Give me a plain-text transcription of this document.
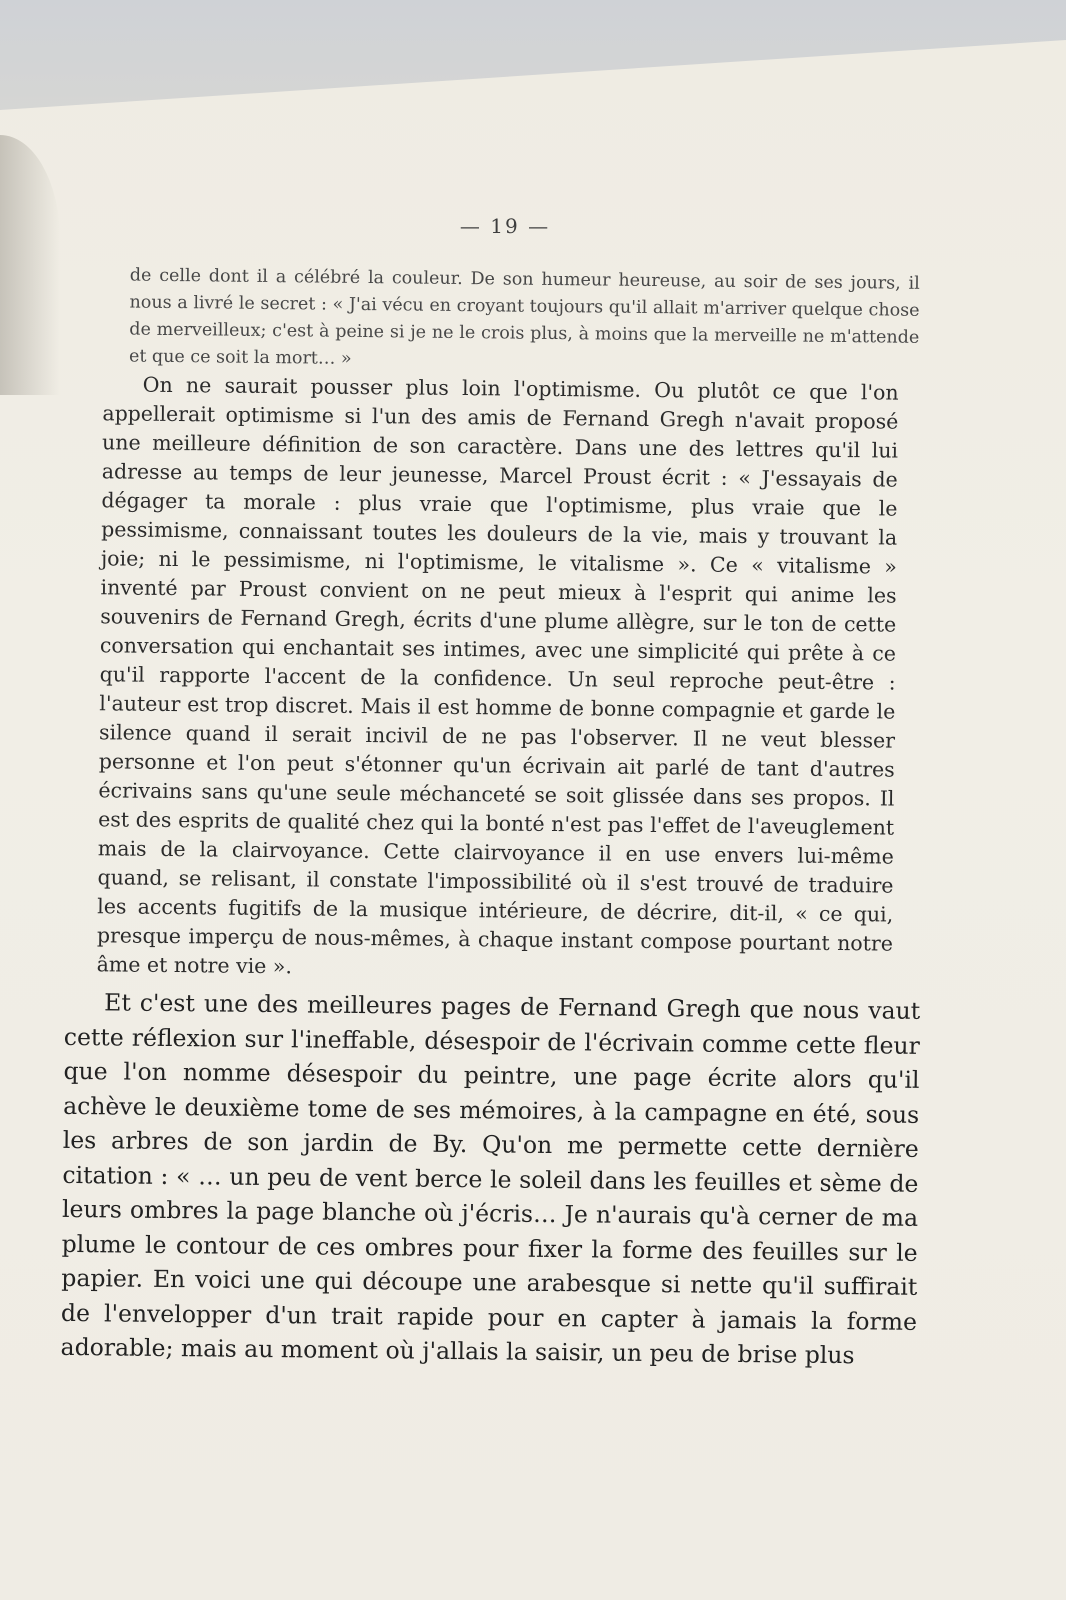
— 19 —

de celle dont il a célébré la couleur. De son humeur heureuse, au soir de ses jours, il nous a livré le secret : « J'ai vécu en croyant toujours qu'il allait m'arriver quelque chose de merveilleux; c'est à peine si je ne le crois plus, à moins que la merveille ne m'attende et que ce soit la mort… »

On ne saurait pousser plus loin l'optimisme. Ou plutôt ce que l'on appellerait optimisme si l'un des amis de Fernand Gregh n'avait proposé une meilleure définition de son caractère. Dans une des lettres qu'il lui adresse au temps de leur jeunesse, Marcel Proust écrit : « J'essayais de dégager ta morale : plus vraie que l'optimisme, plus vraie que le pessimisme, connaissant toutes les douleurs de la vie, mais y trouvant la joie; ni le pessimisme, ni l'optimisme, le vitalisme ». Ce « vitalisme » inventé par Proust convient on ne peut mieux à l'esprit qui anime les souvenirs de Fernand Gregh, écrits d'une plume allègre, sur le ton de cette conversation qui enchantait ses intimes, avec une simplicité qui prête à ce qu'il rapporte l'accent de la confidence. Un seul reproche peut-être : l'auteur est trop discret. Mais il est homme de bonne compagnie et garde le silence quand il serait incivil de ne pas l'observer. Il ne veut blesser personne et l'on peut s'étonner qu'un écrivain ait parlé de tant d'autres écrivains sans qu'une seule méchanceté se soit glissée dans ses propos. Il est des esprits de qualité chez qui la bonté n'est pas l'effet de l'aveuglement mais de la clairvoyance. Cette clairvoyance il en use envers lui-même quand, se relisant, il constate l'impossibilité où il s'est trouvé de traduire les accents fugitifs de la musique intérieure, de décrire, dit-il, « ce qui, presque imperçu de nous-mêmes, à chaque instant compose pourtant notre âme et notre vie ».

Et c'est une des meilleures pages de Fernand Gregh que nous vaut cette réflexion sur l'ineffable, désespoir de l'écrivain comme cette fleur que l'on nomme désespoir du peintre, une page écrite alors qu'il achève le deuxième tome de ses mémoires, à la campagne en été, sous les arbres de son jardin de By. Qu'on me permette cette dernière citation : « … un peu de vent berce le soleil dans les feuilles et sème de leurs ombres la page blanche où j'écris… Je n'aurais qu'à cerner de ma plume le contour de ces ombres pour fixer la forme des feuilles sur le papier. En voici une qui découpe une arabesque si nette qu'il suffirait de l'envelopper d'un trait rapide pour en capter à jamais la forme adorable; mais au moment où j'allais la saisir, un peu de brise plus
